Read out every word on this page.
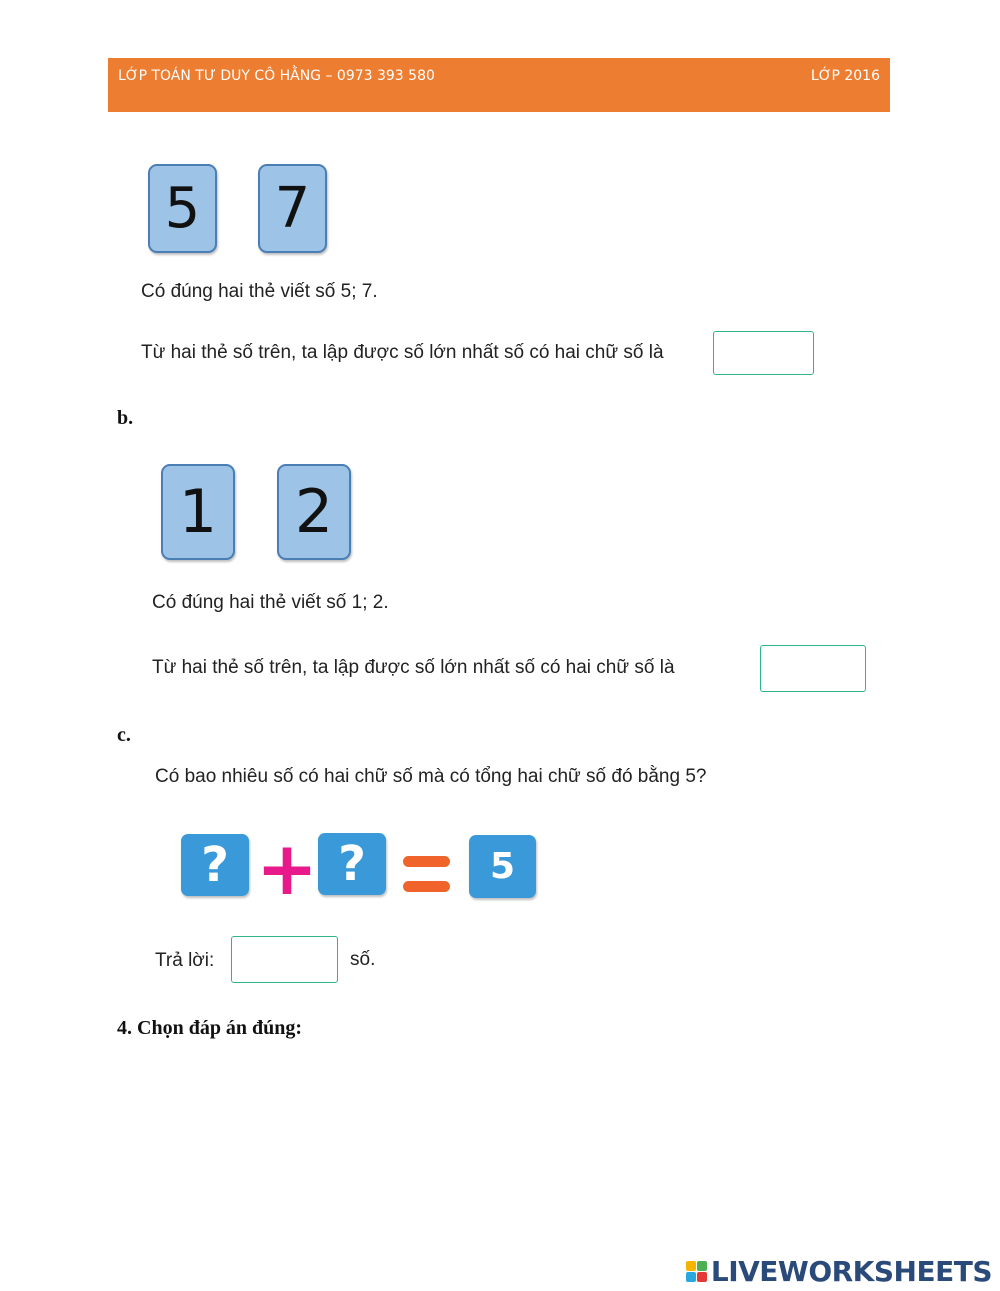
LỚP TOÁN TƯ DUY CÔ HẰNG – 0973 393 580	LỚP 2016
5 7
Có đúng hai thẻ viết số 5; 7.
Từ hai thẻ số trên, ta lập được số lớn nhất số có hai chữ số là
b.
1 2
Có đúng hai thẻ viết số 1; 2.
Từ hai thẻ số trên, ta lập được số lớn nhất số có hai chữ số là
c.
Có bao nhiêu số có hai chữ số mà có tổng hai chữ số đó bằng 5?
? + ?	5
Trả lời:	số.
4. Chọn đáp án đúng:
LIVEWORKSHEETS
